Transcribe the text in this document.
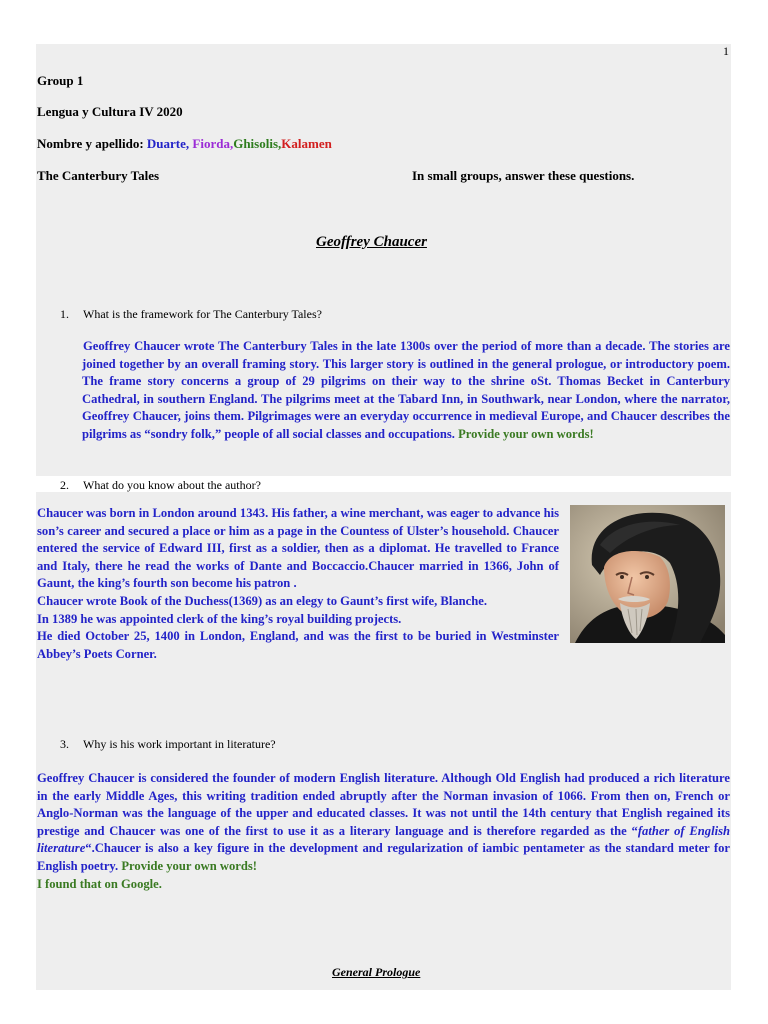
1
Group 1
Lengua y Cultura IV 2020
Nombre y apellido: Duarte, Fiorda,Ghisolis,Kalamen
The Canterbury Tales	In small groups, answer these questions.
Geoffrey Chaucer
1. What is the framework for The Canterbury Tales?
Geoffrey Chaucer wrote The Canterbury Tales in the late 1300s over the period of more than a decade. The stories are joined together by an overall framing story. This larger story is outlined in the general prologue, or introductory poem. The frame story concerns a group of 29 pilgrims on their way to the shrine oSt. Thomas Becket in Canterbury Cathedral, in southern England. The pilgrims meet at the Tabard Inn, in Southwark, near London, where the narrator, Geoffrey Chaucer, joins them. Pilgrimages were an everyday occurrence in medieval Europe, and Chaucer describes the pilgrims as “sondry folk,” people of all social classes and occupations. Provide your own words!
2. What do you know about the author?
Chaucer was born in London around 1343. His father, a wine merchant, was eager to advance his son’s career and secured a place or him as a page in the Countess of Ulster’s household. Chaucer entered the service of Edward III, first as a soldier, then as a diplomat. He travelled to France and Italy, there he read the works of Dante and Boccaccio.Chaucer married in 1366, John of Gaunt, the king’s fourth son become his patron .
Chaucer wrote Book of the Duchess(1369) as an elegy to Gaunt’s first wife, Blanche.
In 1389 he was appointed clerk of the king’s royal building projects.
He died October 25, 1400 in London, England, and was the first to be buried in Westminster Abbey’s Poets Corner.
3. Why is his work important in literature?
Geoffrey Chaucer is considered the founder of modern English literature. Although Old English had produced a rich literature in the early Middle Ages, this writing tradition ended abruptly after the Norman invasion of 1066. From then on, French or Anglo-Norman was the language of the upper and educated classes. It was not until the 14th century that English regained its prestige and Chaucer was one of the first to use it as a literary language and is therefore regarded as the “father of English literature“.Chaucer is also a key figure in the development and regularization of iambic pentameter as the standard meter for English poetry. Provide your own words!
I found that on Google.
General Prologue
